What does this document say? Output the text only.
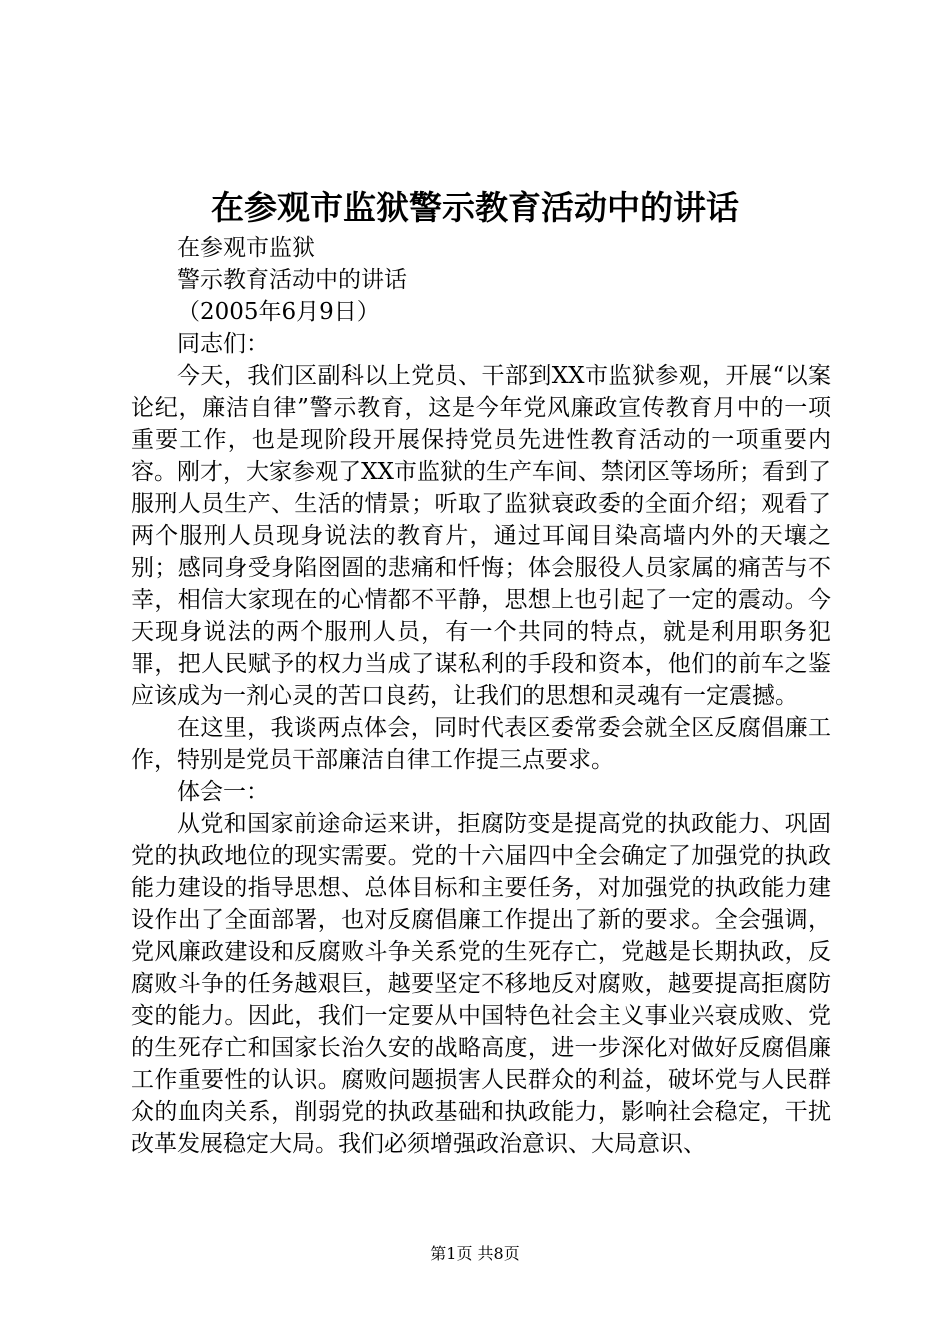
在参观市监狱警示教育活动中的讲话

在参观市监狱

警示教育活动中的讲话

（2005年6月9日）

同志们：

今天，我们区副科以上党员、干部到XX市监狱参观，开展“以案论纪，廉洁自律”警示教育，这是今年党风廉政宣传教育月中的一项重要工作，也是现阶段开展保持党员先进性教育活动的一项重要内容。刚才，大家参观了XX市监狱的生产车间、禁闭区等场所；看到了服刑人员生产、生活的情景；听取了监狱衰政委的全面介绍；观看了两个服刑人员现身说法的教育片，通过耳闻目染高墙内外的天壤之别；感同身受身陷囹圄的悲痛和忏悔；体会服役人员家属的痛苦与不幸，相信大家现在的心情都不平静，思想上也引起了一定的震动。今天现身说法的两个服刑人员，有一个共同的特点，就是利用职务犯罪，把人民赋予的权力当成了谋私利的手段和资本，他们的前车之鉴应该成为一剂心灵的苦口良药，让我们的思想和灵魂有一定震撼。

在这里，我谈两点体会，同时代表区委常委会就全区反腐倡廉工作，特别是党员干部廉洁自律工作提三点要求。

体会一：

从党和国家前途命运来讲，拒腐防变是提高党的执政能力、巩固党的执政地位的现实需要。党的十六届四中全会确定了加强党的执政能力建设的指导思想、总体目标和主要任务，对加强党的执政能力建设作出了全面部署，也对反腐倡廉工作提出了新的要求。全会强调，党风廉政建设和反腐败斗争关系党的生死存亡，党越是长期执政，反腐败斗争的任务越艰巨，越要坚定不移地反对腐败，越要提高拒腐防变的能力。因此，我们一定要从中国特色社会主义事业兴衰成败、党的生死存亡和国家长治久安的战略高度，进一步深化对做好反腐倡廉工作重要性的认识。腐败问题损害人民群众的利益，破坏党与人民群众的血肉关系，削弱党的执政基础和执政能力，影响社会稳定，干扰改革发展稳定大局。我们必须增强政治意识、大局意识、

第1页 共8页
